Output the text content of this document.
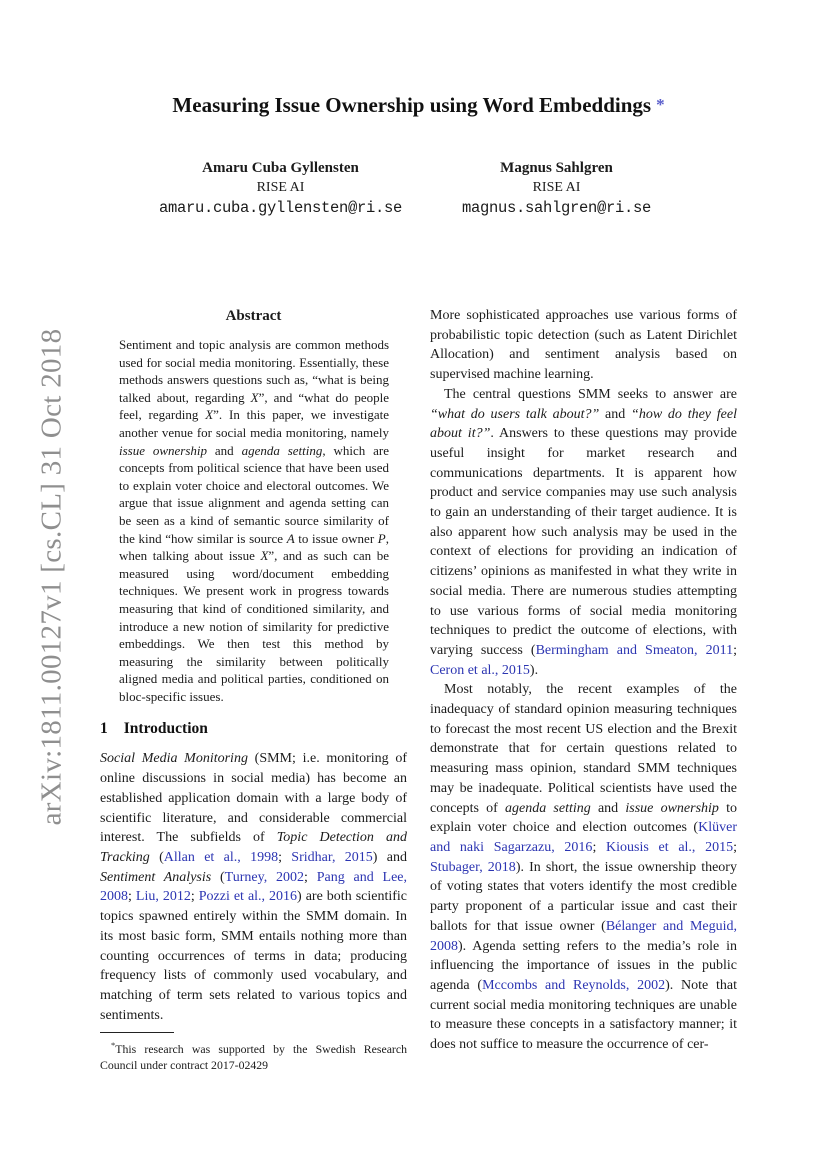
arXiv:1811.00127v1 [cs.CL] 31 Oct 2018
Measuring Issue Ownership using Word Embeddings *
Amaru Cuba Gyllensten
RISE AI
amaru.cuba.gyllensten@ri.se
Magnus Sahlgren
RISE AI
magnus.sahlgren@ri.se
Abstract

Sentiment and topic analysis are common methods used for social media monitoring. Essentially, these methods answers questions such as, “what is being talked about, regarding X”, and “what do people feel, regarding X”. In this paper, we investigate another venue for social media monitoring, namely issue ownership and agenda setting, which are concepts from political science that have been used to explain voter choice and electoral outcomes. We argue that issue alignment and agenda setting can be seen as a kind of semantic source similarity of the kind “how similar is source A to issue owner P, when talking about issue X”, and as such can be measured using word/document embedding techniques. We present work in progress towards measuring that kind of conditioned similarity, and introduce a new notion of similarity for predictive embeddings. We then test this method by measuring the similarity between politically aligned media and political parties, conditioned on bloc-specific issues.

1 Introduction

Social Media Monitoring (SMM; i.e. monitoring of online discussions in social media) has become an established application domain with a large body of scientific literature, and considerable commercial interest. The subfields of Topic Detection and Tracking (Allan et al., 1998; Sridhar, 2015) and Sentiment Analysis (Turney, 2002; Pang and Lee, 2008; Liu, 2012; Pozzi et al., 2016) are both scientific topics spawned entirely within the SMM domain. In its most basic form, SMM entails nothing more than counting occurrences of terms in data; producing frequency lists of commonly used vocabulary, and matching of term sets related to various topics and sentiments.

More sophisticated approaches use various forms of probabilistic topic detection (such as Latent Dirichlet Allocation) and sentiment analysis based on supervised machine learning.

The central questions SMM seeks to answer are “what do users talk about?” and “how do they feel about it?”. Answers to these questions may provide useful insight for market research and communications departments. It is apparent how product and service companies may use such analysis to gain an understanding of their target audience. It is also apparent how such analysis may be used in the context of elections for providing an indication of citizens’ opinions as manifested in what they write in social media. There are numerous studies attempting to use various forms of social media monitoring techniques to predict the outcome of elections, with varying success (Bermingham and Smeaton, 2011; Ceron et al., 2015).

Most notably, the recent examples of the inadequacy of standard opinion measuring techniques to forecast the most recent US election and the Brexit demonstrate that for certain questions related to measuring mass opinion, standard SMM techniques may be inadequate. Political scientists have used the concepts of agenda setting and issue ownership to explain voter choice and election outcomes (Klüver and naki Sagarzazu, 2016; Kiousis et al., 2015; Stubager, 2018). In short, the issue ownership theory of voting states that voters identify the most credible party proponent of a particular issue and cast their ballots for that issue owner (Bélanger and Meguid, 2008). Agenda setting refers to the media’s role in influencing the importance of issues in the public agenda (Mccombs and Reynolds, 2002). Note that current social media monitoring techniques are unable to measure these concepts in a satisfactory manner; it does not suffice to measure the occurrence of cer-

*This research was supported by the Swedish Research Council under contract 2017-02429
